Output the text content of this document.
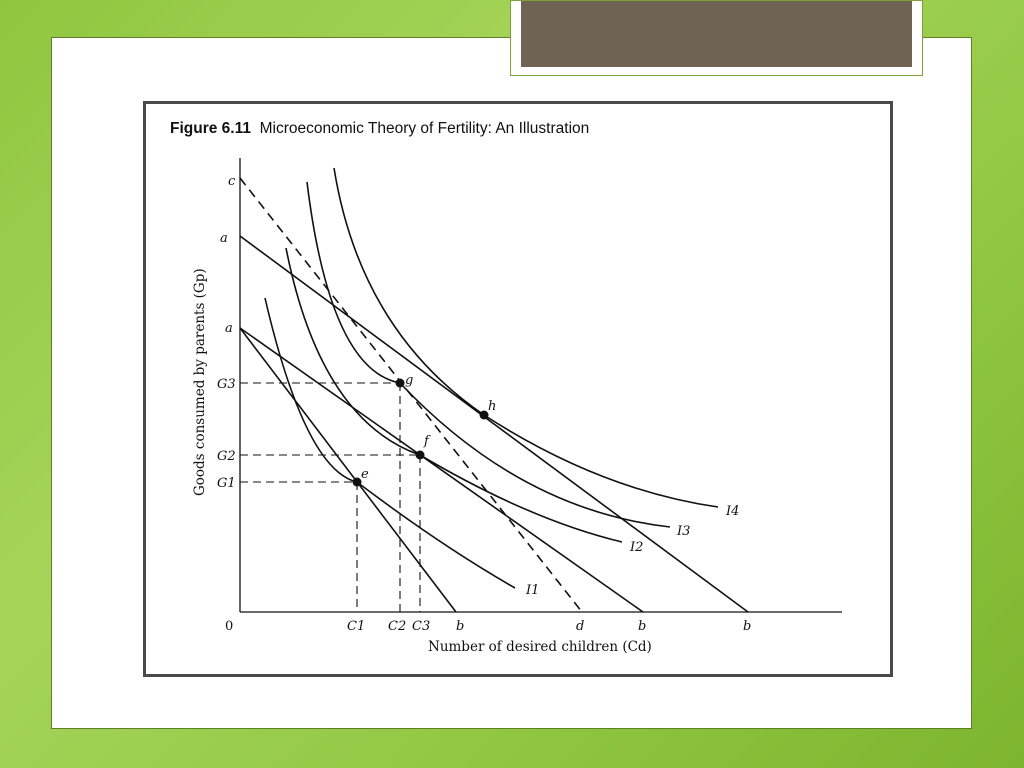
Figure 6.11 Microeconomic Theory of Fertility: An Illustration
e
f
g
h
c
a
a
G3
G2
G1
0	C1 C2 C3 b	d	b	b
I1
I2
I3
I4
Number of desired children (Cd)
Goods consumed by parents (Gp)
